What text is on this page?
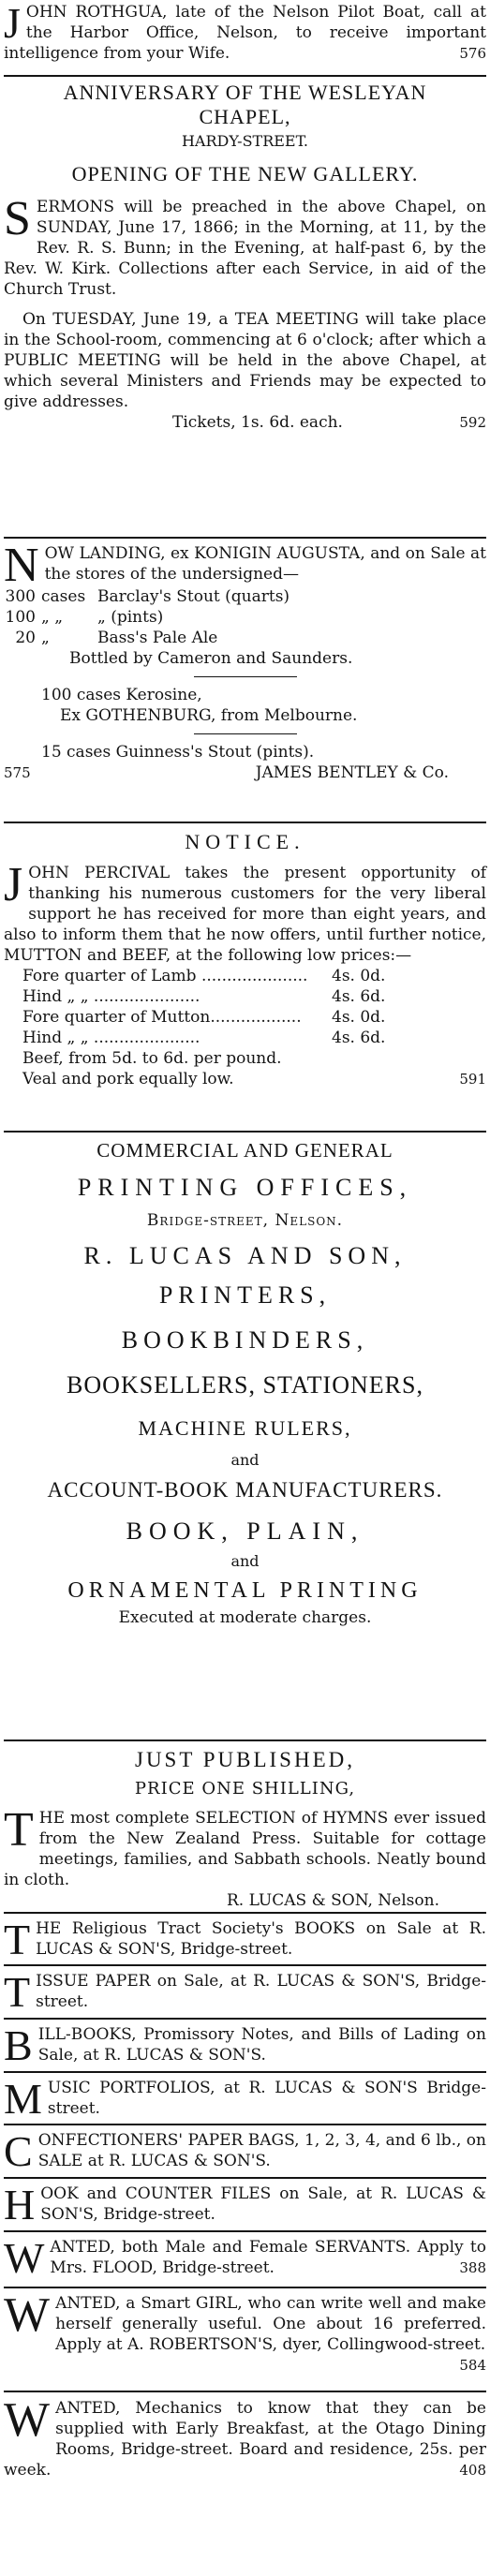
J OHN ROTHGUA, late of the Nelson Pilot Boat, call at the Harbor Office, Nelson, to receive important intelligence from your Wife.	576

ANNIVERSARY OF THE WESLEYAN

CHAPEL,

HARDY-STREET.

OPENING OF THE NEW GALLERY.

S ERMONS will be preached in the above Chapel, on SUNDAY, June 17, 1866; in the Morning, at 11, by the Rev. R. S. Bunn; in the Evening, at half-past 6, by the Rev. W. Kirk. Collections after each Service, in aid of the Church Trust.

On TUESDAY, June 19, a TEA MEETING will take place in the School-room, commencing at 6 o'clock; after which a PUBLIC MEETING will be held in the above Chapel, at which several Ministers and Friends may be expected to give addresses.

Tickets, 1s. 6d. each.	592

N OW LANDING, ex KONIGIN AUGUSTA, and on Sale at the stores of the undersigned—

300 cases Barclay's Stout (quarts)
100 „ „	„ (pints)
20 „	Bass's Pale Ale

Bottled by Cameron and Saunders.

100 cases Kerosine,

Ex GOTHENBURG, from Melbourne.

15 cases Guinness's Stout (pints).

575	JAMES BENTLEY & Co.

NOTICE.

J OHN PERCIVAL takes the present opportunity of thanking his numerous customers for the very liberal support he has received for more than eight years, and also to inform them that he now offers, until further notice, MUTTON and BEEF, at the following low prices:—

Fore quarter of Lamb .....................	4s. 0d.
Hind „ „ .....................	4s. 6d.
Fore quarter of Mutton..................	4s. 0d.
Hind „ „ .....................	4s. 6d.

Beef, from 5d. to 6d. per pound.

Veal and pork equally low.	591

COMMERCIAL AND GENERAL

PRINTING OFFICES,

Bridge-street, Nelson.

R. LUCAS AND SON,

PRINTERS,

BOOKBINDERS,

BOOKSELLERS, STATIONERS,

MACHINE RULERS,

and

ACCOUNT-BOOK MANUFACTURERS.

BOOK, PLAIN,

and

ORNAMENTAL PRINTING

Executed at moderate charges.

JUST PUBLISHED,

PRICE ONE SHILLING,

T HE most complete SELECTION of HYMNS ever issued from the New Zealand Press. Suitable for cottage meetings, families, and Sabbath schools. Neatly bound in cloth.

R. LUCAS & SON, Nelson.

T HE Religious Tract Society's BOOKS on Sale at R. LUCAS & SON'S, Bridge-street.

T ISSUE PAPER on Sale, at R. LUCAS & SON'S, Bridge-street.

B ILL-BOOKS, Promissory Notes, and Bills of Lading on Sale, at R. LUCAS & SON'S.

M USIC PORTFOLIOS, at R. LUCAS & SON'S Bridge-street.

C ONFECTIONERS' PAPER BAGS, 1, 2, 3, 4, and 6 lb., on SALE at R. LUCAS & SON'S.

H OOK and COUNTER FILES on Sale, at R. LUCAS & SON'S, Bridge-street.

W ANTED, both Male and Female SERVANTS. Apply to Mrs. FLOOD, Bridge-street.	388

W ANTED, a Smart GIRL, who can write well and make herself generally useful. One about 16 preferred. Apply at A. ROBERTSON'S, dyer, Collingwood-street.
584

W ANTED, Mechanics to know that they can be supplied with Early Breakfast, at the Otago Dining Rooms, Bridge-street. Board and residence, 25s. per week.	408
